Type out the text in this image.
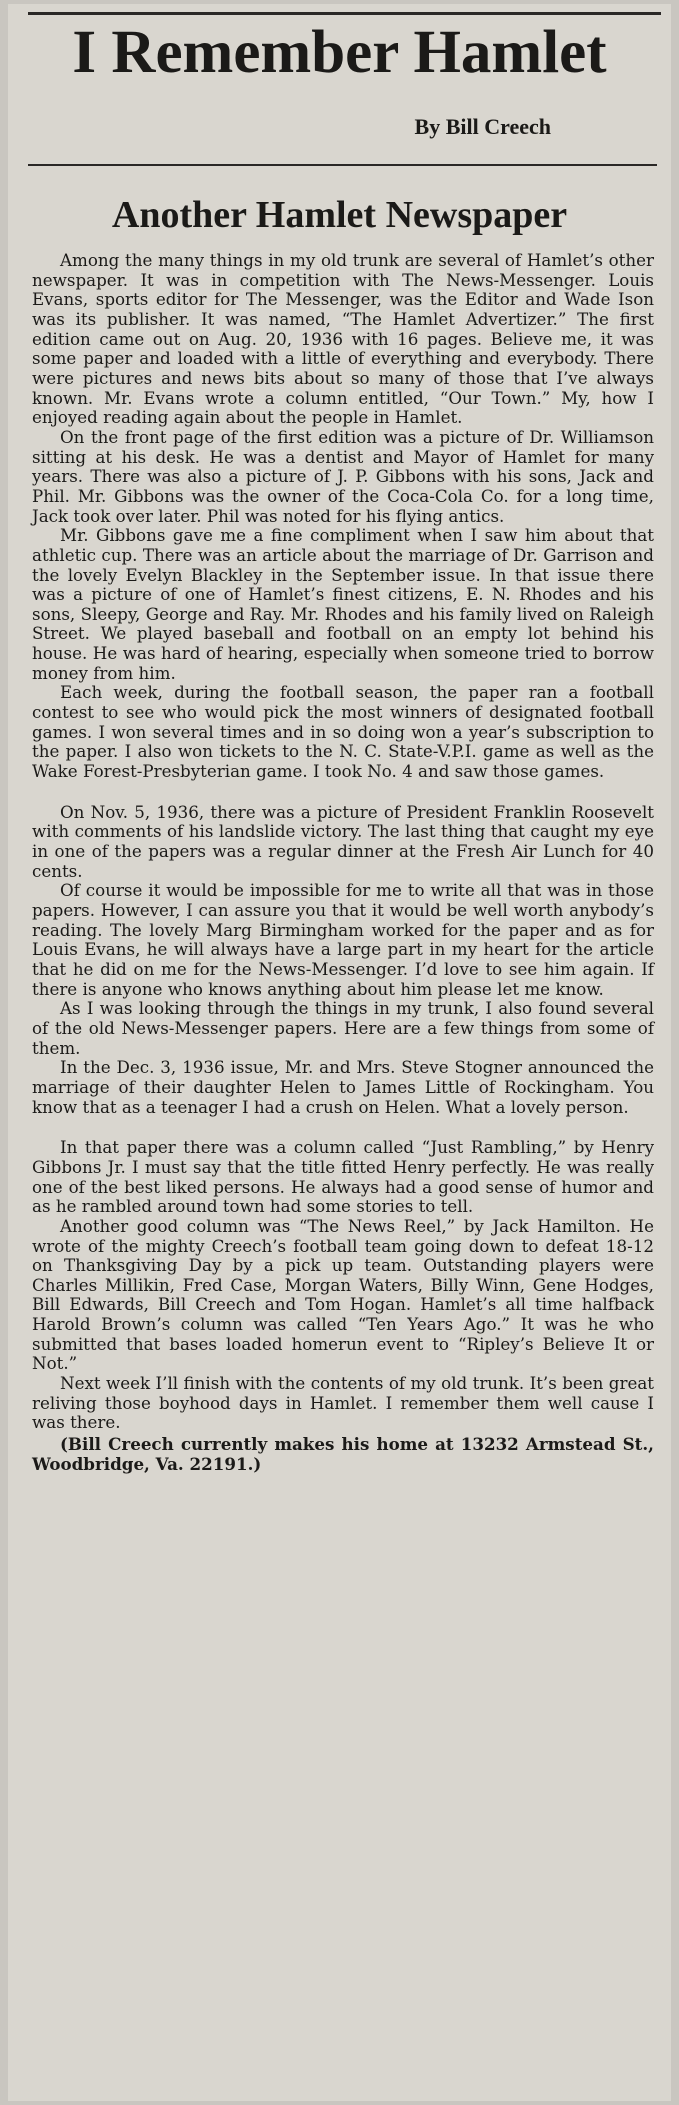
I Remember Hamlet
By Bill Creech
Another Hamlet Newspaper

Among the many things in my old trunk are several of Hamlet’s other newspaper. It was in competition with The News-Messenger. Louis Evans, sports editor for The Messenger, was the Editor and Wade Ison was its publisher. It was named, “The Hamlet Advertizer.” The first edition came out on Aug. 20, 1936 with 16 pages. Believe me, it was some paper and loaded with a little of everything and everybody. There were pictures and news bits about so many of those that I’ve always known. Mr. Evans wrote a column entitled, “Our Town.” My, how I enjoyed reading again about the people in Hamlet.

On the front page of the first edition was a picture of Dr. Williamson sitting at his desk. He was a dentist and Mayor of Hamlet for many years. There was also a picture of J. P. Gibbons with his sons, Jack and Phil. Mr. Gibbons was the owner of the Coca-Cola Co. for a long time, Jack took over later. Phil was noted for his flying antics.

Mr. Gibbons gave me a fine compliment when I saw him about that athletic cup. There was an article about the marriage of Dr. Garrison and the lovely Evelyn Blackley in the September issue. In that issue there was a picture of one of Hamlet’s finest citizens, E. N. Rhodes and his sons, Sleepy, George and Ray. Mr. Rhodes and his family lived on Raleigh Street. We played baseball and football on an empty lot behind his house. He was hard of hearing, especially when someone tried to borrow money from him.

Each week, during the football season, the paper ran a football contest to see who would pick the most winners of designated football games. I won several times and in so doing won a year’s subscription to the paper. I also won tickets to the N. C. State-V.P.I. game as well as the Wake Forest-Presbyterian game. I took No. 4 and saw those games.

On Nov. 5, 1936, there was a picture of President Franklin Roosevelt with comments of his landslide victory. The last thing that caught my eye in one of the papers was a regular dinner at the Fresh Air Lunch for 40 cents.

Of course it would be impossible for me to write all that was in those papers. However, I can assure you that it would be well worth anybody’s reading. The lovely Marg Birmingham worked for the paper and as for Louis Evans, he will always have a large part in my heart for the article that he did on me for the News-Messenger. I’d love to see him again. If there is anyone who knows anything about him please let me know.

As I was looking through the things in my trunk, I also found several of the old News-Messenger papers. Here are a few things from some of them.

In the Dec. 3, 1936 issue, Mr. and Mrs. Steve Stogner announced the marriage of their daughter Helen to James Little of Rockingham. You know that as a teenager I had a crush on Helen. What a lovely person.

In that paper there was a column called “Just Rambling,” by Henry Gibbons Jr. I must say that the title fitted Henry perfectly. He was really one of the best liked persons. He always had a good sense of humor and as he rambled around town had some stories to tell.

Another good column was “The News Reel,” by Jack Hamilton. He wrote of the mighty Creech’s football team going down to defeat 18-12 on Thanksgiving Day by a pick up team. Outstanding players were Charles Millikin, Fred Case, Morgan Waters, Billy Winn, Gene Hodges, Bill Edwards, Bill Creech and Tom Hogan. Hamlet’s all time halfback Harold Brown’s column was called “Ten Years Ago.” It was he who submitted that bases loaded homerun event to “Ripley’s Believe It or Not.”

Next week I’ll finish with the contents of my old trunk. It’s been great reliving those boyhood days in Hamlet. I remember them well cause I was there.

(Bill Creech currently makes his home at 13232 Armstead St., Woodbridge, Va. 22191.)
